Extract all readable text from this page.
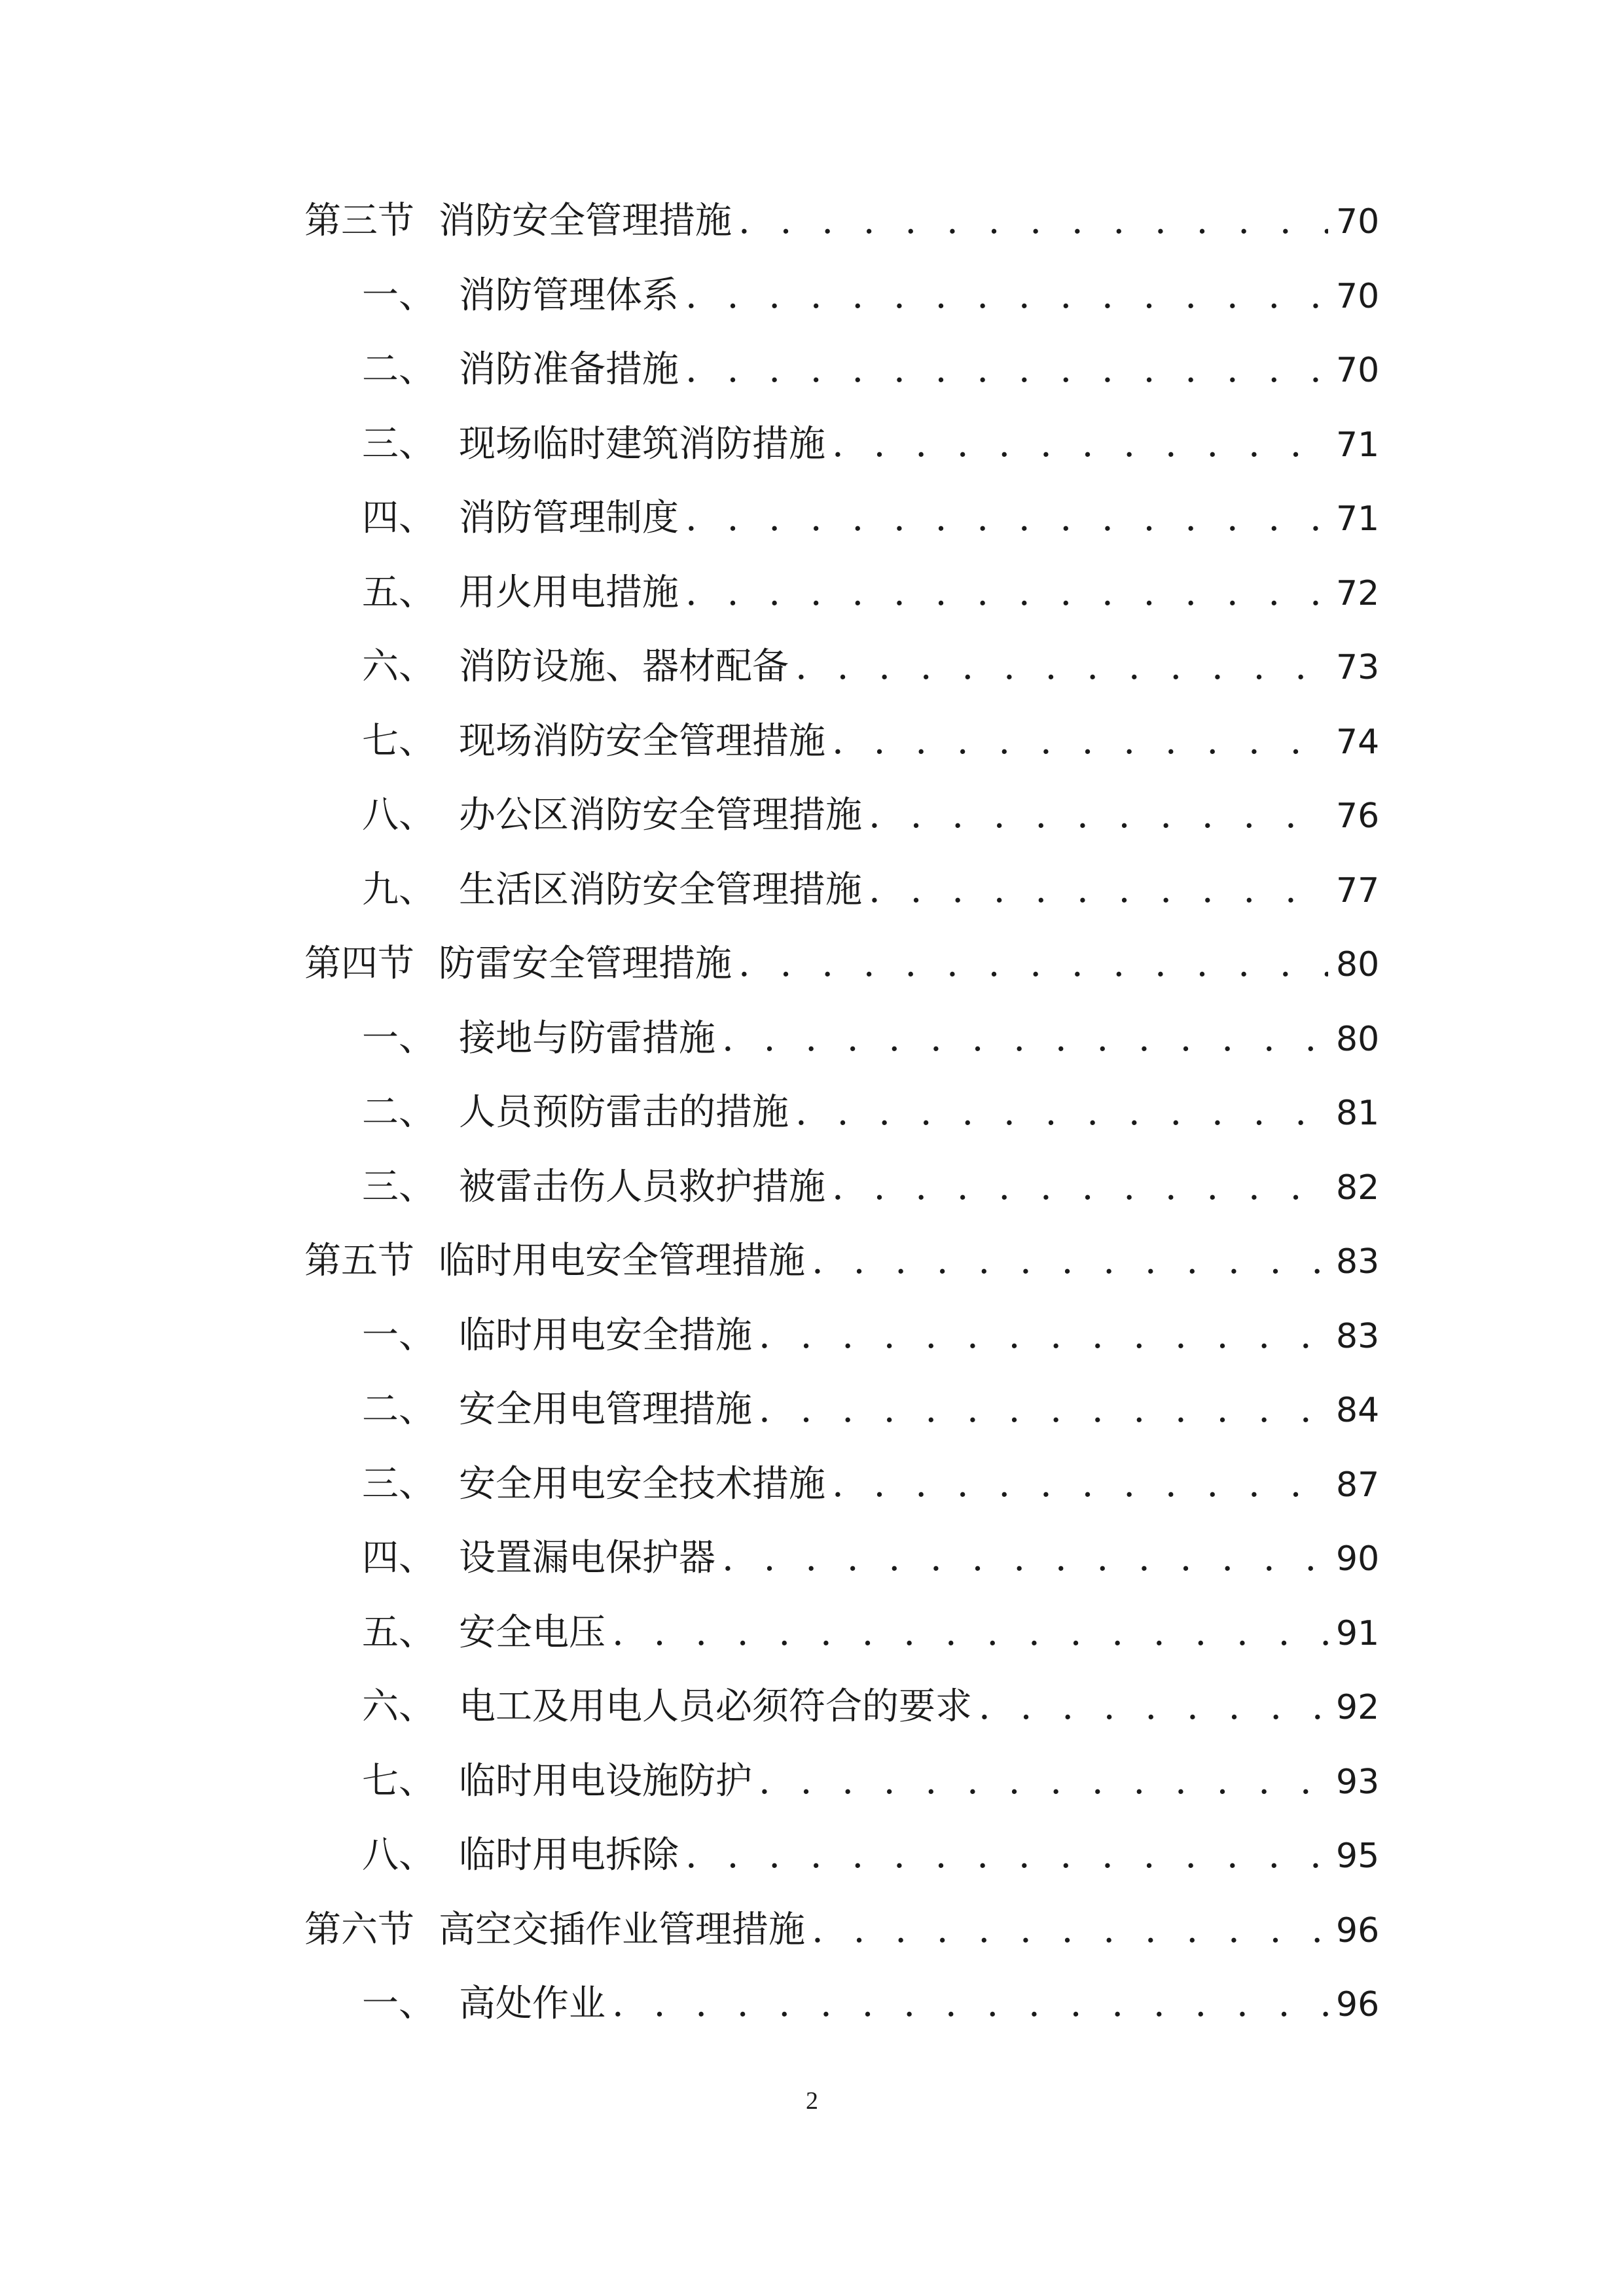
第三节 消防安全管理措施 . . .	70
一、 消防管理体系 . . .	70
二、 消防准备措施 . . .	70
三、 现场临时建筑消防措施 . . .	71
四、 消防管理制度 . . .	71
五、 用火用电措施 . . .	72
六、 消防设施、器材配备 . . .	73
七、 现场消防安全管理措施 . . .	74
八、 办公区消防安全管理措施 . . .	76
九、 生活区消防安全管理措施 . . .	77
第四节 防雷安全管理措施 . . .	80
一、 接地与防雷措施 . . .	80
二、 人员预防雷击的措施 . . .	81
三、 被雷击伤人员救护措施 . . .	82
第五节 临时用电安全管理措施 . . .	83
一、 临时用电安全措施 . . .	83
二、 安全用电管理措施 . . .	84
三、 安全用电安全技术措施 . . .	87
四、 设置漏电保护器 . . .	90
五、 安全电压 . . .	91
六、 电工及用电人员必须符合的要求 . . .	92
七、 临时用电设施防护 . . .	93
八、 临时用电拆除 . . .	95
第六节 高空交插作业管理措施 . . .	96
一、 高处作业 . . .	96
2
